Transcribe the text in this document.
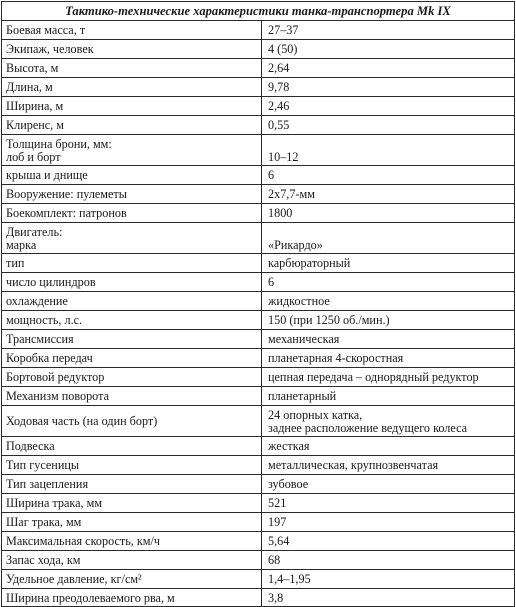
Тактико-технические характеристики танка-транспортера Mk IX	
Боевая масса, т	27–37
Экипаж, человек	4 (50)
Высота, м	2,64
Длина, м	9,78
Ширина, м	2,46
Клиренс, м	0,55
Толщина брони, мм:
лоб и борт	10–12
крыша и днище	6
Вооружение: пулеметы	2х7,7-мм
Боекомплект: патронов	1800
Двигатель:
марка	«Рикардо»
тип	карбюраторный
число цилиндров	6
охлаждение	жидкостное
мощность, л.с.	150 (при 1250 об./мин.)
Трансмиссия	механическая
Коробка передач	планетарная 4-скоростная
Бортовой редуктор	цепная передача – однорядный редуктор
Механизм поворота	планетарный
Ходовая часть (на один борт)	24 опорных катка,
заднее расположение ведущего колеса
Подвеска	жесткая
Тип гусеницы	металлическая, крупнозвенчатая
Тип зацепления	зубовое
Ширина трака, мм	521
Шаг трака, мм	197
Максимальная скорость, км/ч	5,64
Запас хода, км	68
Удельное давление, кг/см²	1,4–1,95
Ширина преодолеваемого рва, м	3,8
